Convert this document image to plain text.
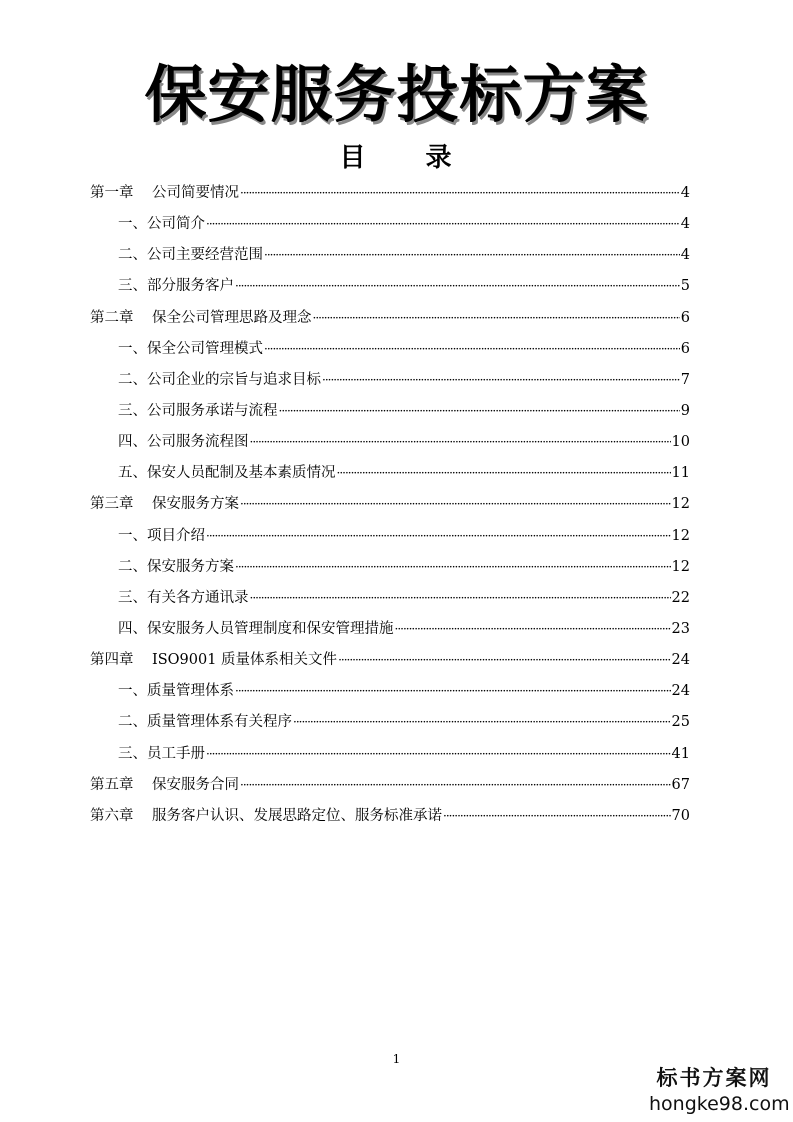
保安服务投标方案
目 录
第一章	公司简要情况 ·····	4
一、 公司简介 ·····	4
二、 公司主要经营范围 ·····	4
三、 部分服务客户 ·····	5
第二章	保全公司管理思路及理念 ·····	6
一、 保全公司管理模式 ·····	6
二、 公司企业的宗旨与追求目标 ·····	7
三、 公司服务承诺与流程 ·····	9
四、 公司服务流程图 ·····	10
五、 保安人员配制及基本素质情况 ·····	11
第三章	保安服务方案 ·····	12
一、 项目介绍 ·····	12
二、 保安服务方案 ·····	12
三、 有关各方通讯录 ·····	22
四、 保安服务人员管理制度和保安管理措施 ·····	23
第四章	ISO9001 质量体系相关文件 ·····	24
一、 质量管理体系 ·····	24
二、 质量管理体系有关程序 ·····	25
三、 员工手册 ·····	41
第五章	保安服务合同 ·····	67
第六章	服务客户认识、发展思路定位、服务标准承诺 ·····	70
1
标书方案网
hongke98.com
